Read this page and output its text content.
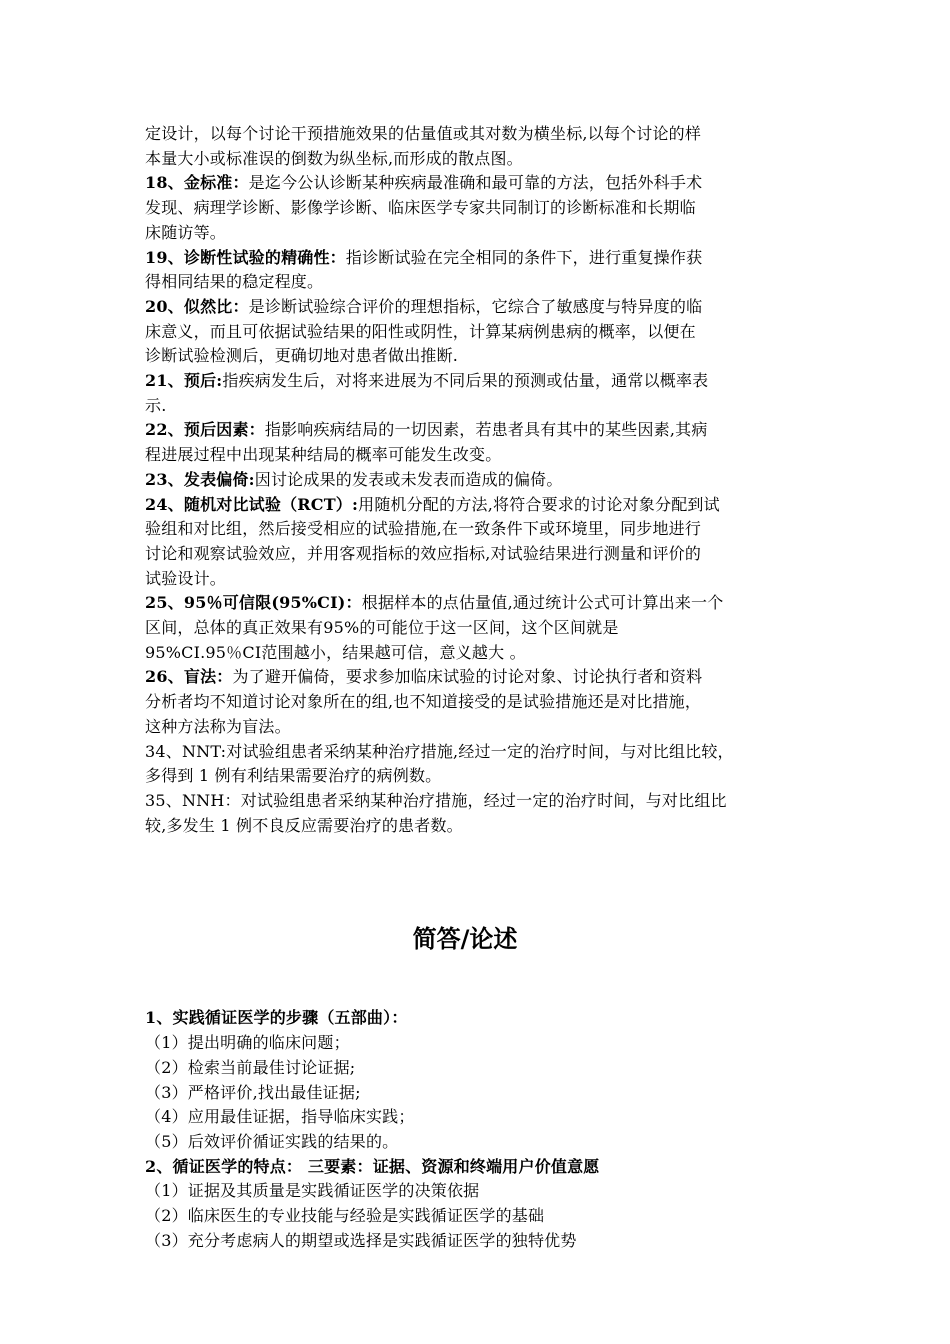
定设计，以每个讨论干预措施效果的估量值或其对数为横坐标,以每个讨论的样
本量大小或标准误的倒数为纵坐标,而形成的散点图。
18、金标准：是迄今公认诊断某种疾病最准确和最可靠的方法，包括外科手术
发现、病理学诊断、影像学诊断、临床医学专家共同制订的诊断标准和长期临
床随访等。
19、诊断性试验的精确性：指诊断试验在完全相同的条件下，进行重复操作获
得相同结果的稳定程度。
20、似然比：是诊断试验综合评价的理想指标，它综合了敏感度与特异度的临
床意义，而且可依据试验结果的阳性或阴性，计算某病例患病的概率，以便在
诊断试验检测后，更确切地对患者做出推断.
21、预后:指疾病发生后，对将来进展为不同后果的预测或估量，通常以概率表
示.
22、预后因素：指影响疾病结局的一切因素，若患者具有其中的某些因素,其病
程进展过程中出现某种结局的概率可能发生改变。
23、发表偏倚:因讨论成果的发表或未发表而造成的偏倚。
24、随机对比试验（RCT）:用随机分配的方法,将符合要求的讨论对象分配到试
验组和对比组，然后接受相应的试验措施,在一致条件下或环境里，同步地进行
讨论和观察试验效应，并用客观指标的效应指标,对试验结果进行测量和评价的
试验设计。
25、95％可信限(95%CI)：根据样本的点估量值,通过统计公式可计算出来一个
区间，总体的真正效果有95%的可能位于这一区间，这个区间就是
95%CI.95％CI范围越小，结果越可信，意义越大 。
26、盲法：为了避开偏倚，要求参加临床试验的讨论对象、讨论执行者和资料
分析者均不知道讨论对象所在的组,也不知道接受的是试验措施还是对比措施，
这种方法称为盲法。
34、NNT:对试验组患者采纳某种治疗措施,经过一定的治疗时间，与对比组比较，
多得到 1 例有利结果需要治疗的病例数。
35、NNH：对试验组患者采纳某种治疗措施，经过一定的治疗时间，与对比组比
较,多发生 1 例不良反应需要治疗的患者数。
简答/论述
1、实践循证医学的步骤（五部曲）：
（1）提出明确的临床问题；
（2）检索当前最佳讨论证据;
（3）严格评价,找出最佳证据;
（4）应用最佳证据，指导临床实践；
（5）后效评价循证实践的结果的。
2、循证医学的特点： 三要素：证据、资源和终端用户价值意愿
（1）证据及其质量是实践循证医学的决策依据
（2）临床医生的专业技能与经验是实践循证医学的基础
（3）充分考虑病人的期望或选择是实践循证医学的独特优势
